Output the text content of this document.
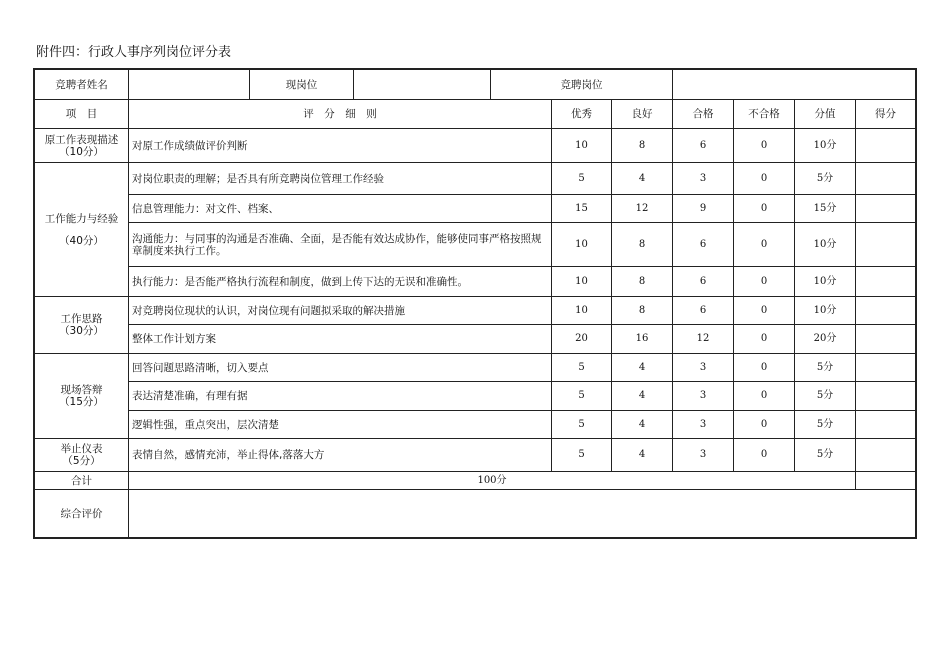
附件四：行政人事序列岗位评分表
竞聘者姓名		现岗位		竞聘岗位						
项　目	评　分　细　则				优秀	良好	合格	不合格	分值	得分

原工作表现描述
（10分）	对原工作成绩做评价判断				10	8	6	0	10分	

工作能力与经验
（40分）	对岗位职责的理解；是否具有所竞聘岗位管理工作经验				5	4	3	0	5分	
	信息管理能力：对文件、档案、				15	12	9	0	15分	
	沟通能力：与同事的沟通是否准确、全面，是否能有效达成协作，能够使同事严格按照规章制度来执行工作。				10	8	6	0	10分	
	执行能力：是否能严格执行流程和制度，做到上传下达的无误和准确性。				10	8	6	0	10分	

工作思路
（30分）	对竞聘岗位现状的认识，对岗位现有问题拟采取的解决措施				10	8	6	0	10分	
	整体工作计划方案				20	16	12	0	20分	

现场答辩
（15分）	回答问题思路清晰，切入要点				5	4	3	0	5分	
	表达清楚准确，有理有据				5	4	3	0	5分	
	逻辑性强，重点突出，层次清楚				5	4	3	0	5分	

举止仪表
（5分）	表情自然，感情充沛，举止得体,落落大方				5	4	3	0	5分	
合计	100分									
综合评价										
